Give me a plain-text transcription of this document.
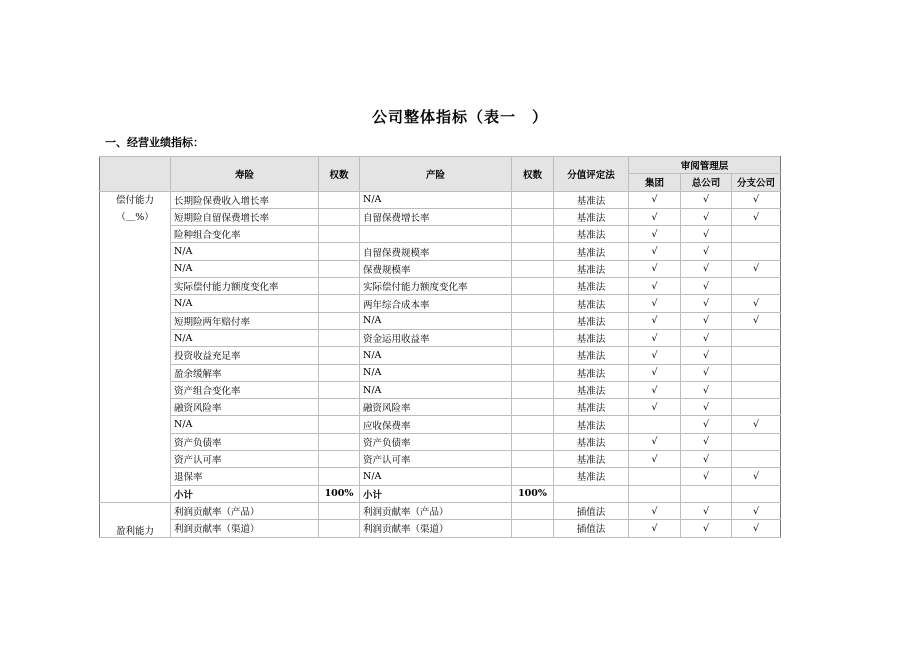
公司整体指标（表一　）
一、经营业绩指标：
	寿险	权数	产险	权数	分值评定法	审阅管理层		
						集团	总公司	分支公司

偿付能力
（＿%）	长期险保费收入增长率		N/A		基准法	√	√	√
	短期险自留保费增长率		自留保费增长率		基准法	√	√	√
	险种组合变化率				基准法	√	√	
	N/A		自留保费规模率		基准法	√	√	
	N/A		保费规模率		基准法	√	√	√
	实际偿付能力额度变化率		实际偿付能力额度变化率		基准法	√	√	
	N/A		两年综合成本率		基准法	√	√	√
	短期险两年赔付率		N/A		基准法	√	√	√
	N/A		资金运用收益率		基准法	√	√	
	投资收益充足率		N/A		基准法	√	√	
	盈余缓解率		N/A		基准法	√	√	
	资产组合变化率		N/A		基准法	√	√	
	融资风险率		融资风险率		基准法	√	√	
	N/A		应收保费率		基准法		√	√
	资产负债率		资产负债率		基准法	√	√	
	资产认可率		资产认可率		基准法	√	√	
	退保率		N/A		基准法		√	√
	小计	100%	小计	100%				
盈利能力	利润贡献率（产品）		利润贡献率（产品）		插值法	√	√	√
	利润贡献率（渠道）		利润贡献率（渠道）		插值法	√	√	√
